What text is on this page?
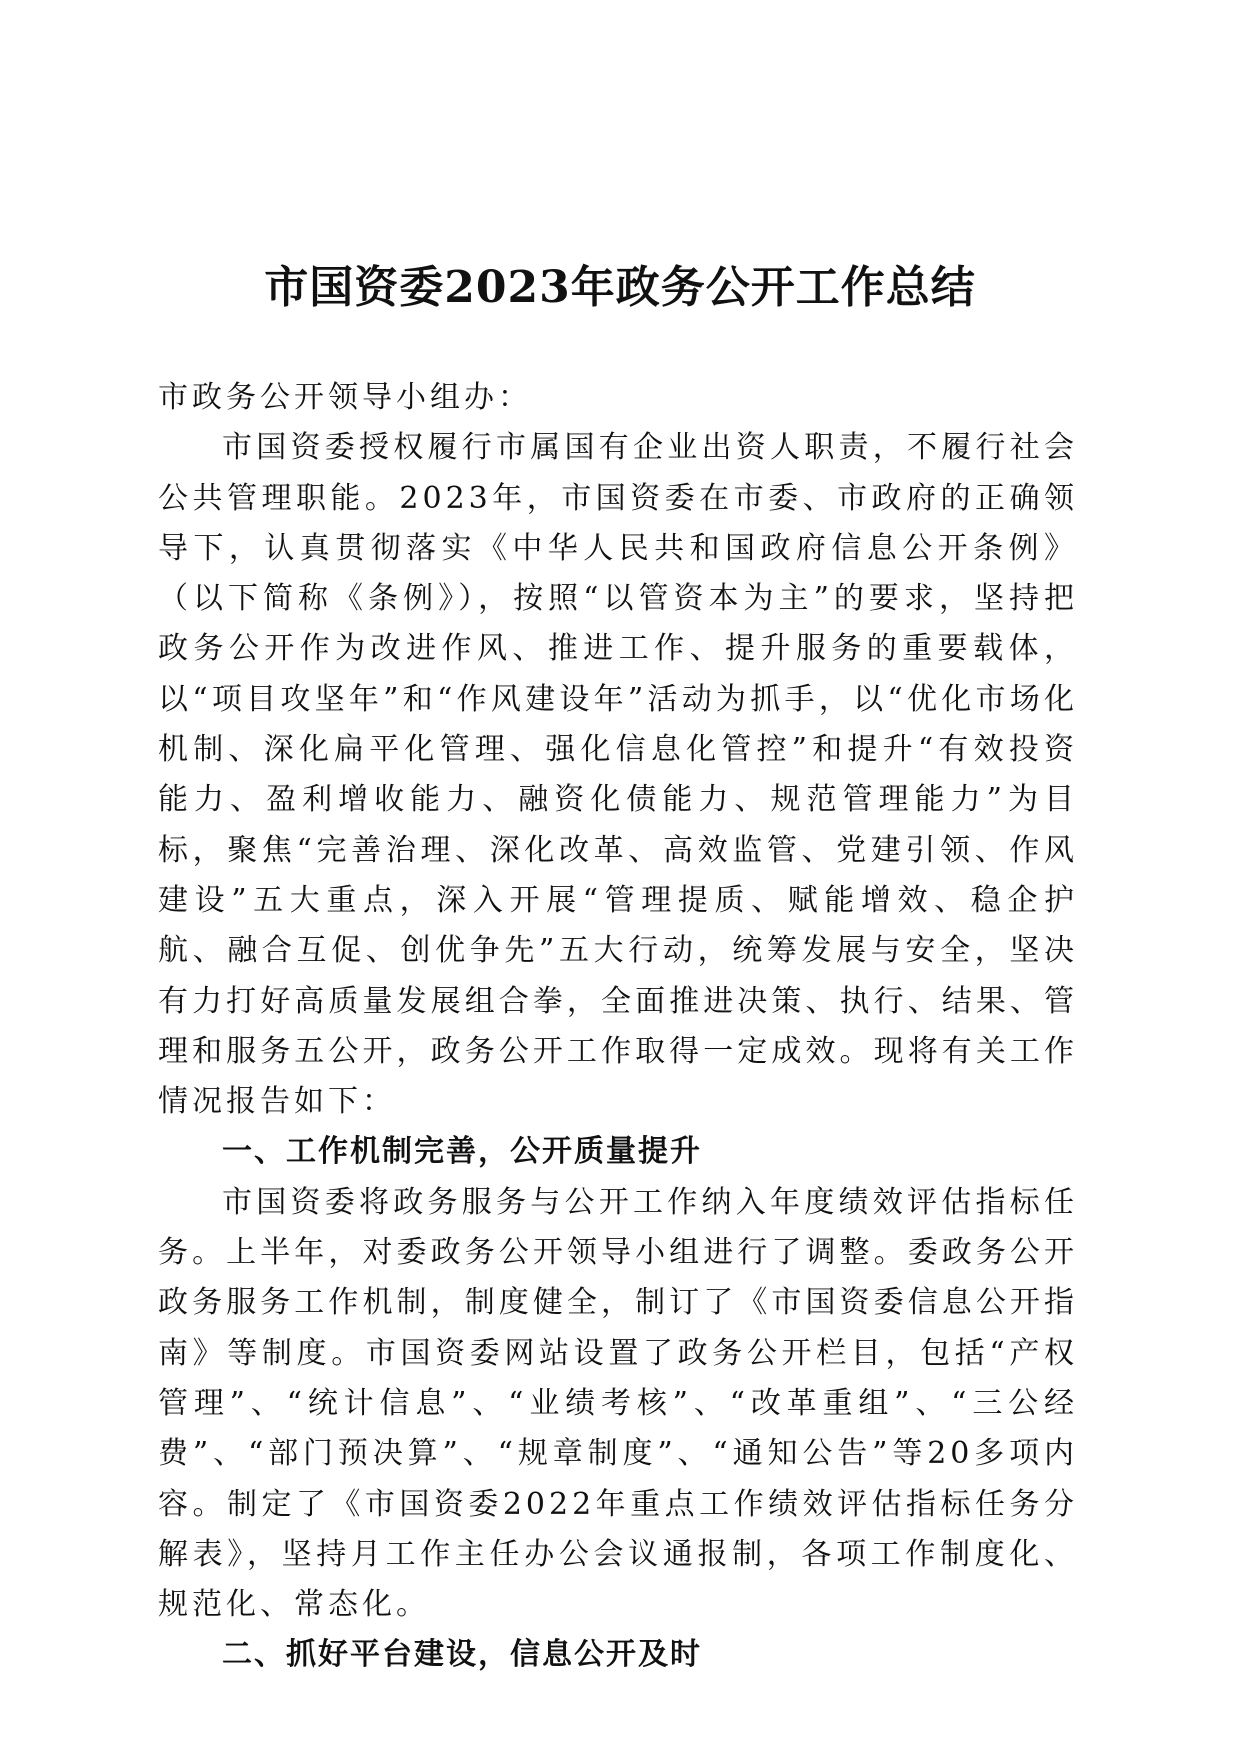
市国资委2023年政务公开工作总结

市政务公开领导小组办：

市国资委授权履行市属国有企业出资人职责，不履行社会公共管理职能。2023年，市国资委在市委、市政府的正确领导下，认真贯彻落实《中华人民共和国政府信息公开条例》（以下简称《条例》），按照“以管资本为主”的要求，坚持把政务公开作为改进作风、推进工作、提升服务的重要载体，以“项目攻坚年”和“作风建设年”活动为抓手，以“优化市场化机制、深化扁平化管理、强化信息化管控”和提升“有效投资能力、盈利增收能力、融资化债能力、规范管理能力”为目标，聚焦“完善治理、深化改革、高效监管、党建引领、作风建设”五大重点，深入开展“管理提质、赋能增效、稳企护航、融合互促、创优争先”五大行动，统筹发展与安全，坚决有力打好高质量发展组合拳，全面推进决策、执行、结果、管理和服务五公开，政务公开工作取得一定成效。现将有关工作情况报告如下：

一、工作机制完善，公开质量提升

市国资委将政务服务与公开工作纳入年度绩效评估指标任务。上半年，对委政务公开领导小组进行了调整。委政务公开政务服务工作机制，制度健全，制订了《市国资委信息公开指南》等制度。市国资委网站设置了政务公开栏目，包括“产权管理”、“统计信息”、“业绩考核”、“改革重组”、“三公经费”、“部门预决算”、“规章制度”、“通知公告”等20多项内容。制定了《市国资委2022年重点工作绩效评估指标任务分解表》，坚持月工作主任办公会议通报制，各项工作制度化、规范化、常态化。

二、抓好平台建设，信息公开及时
